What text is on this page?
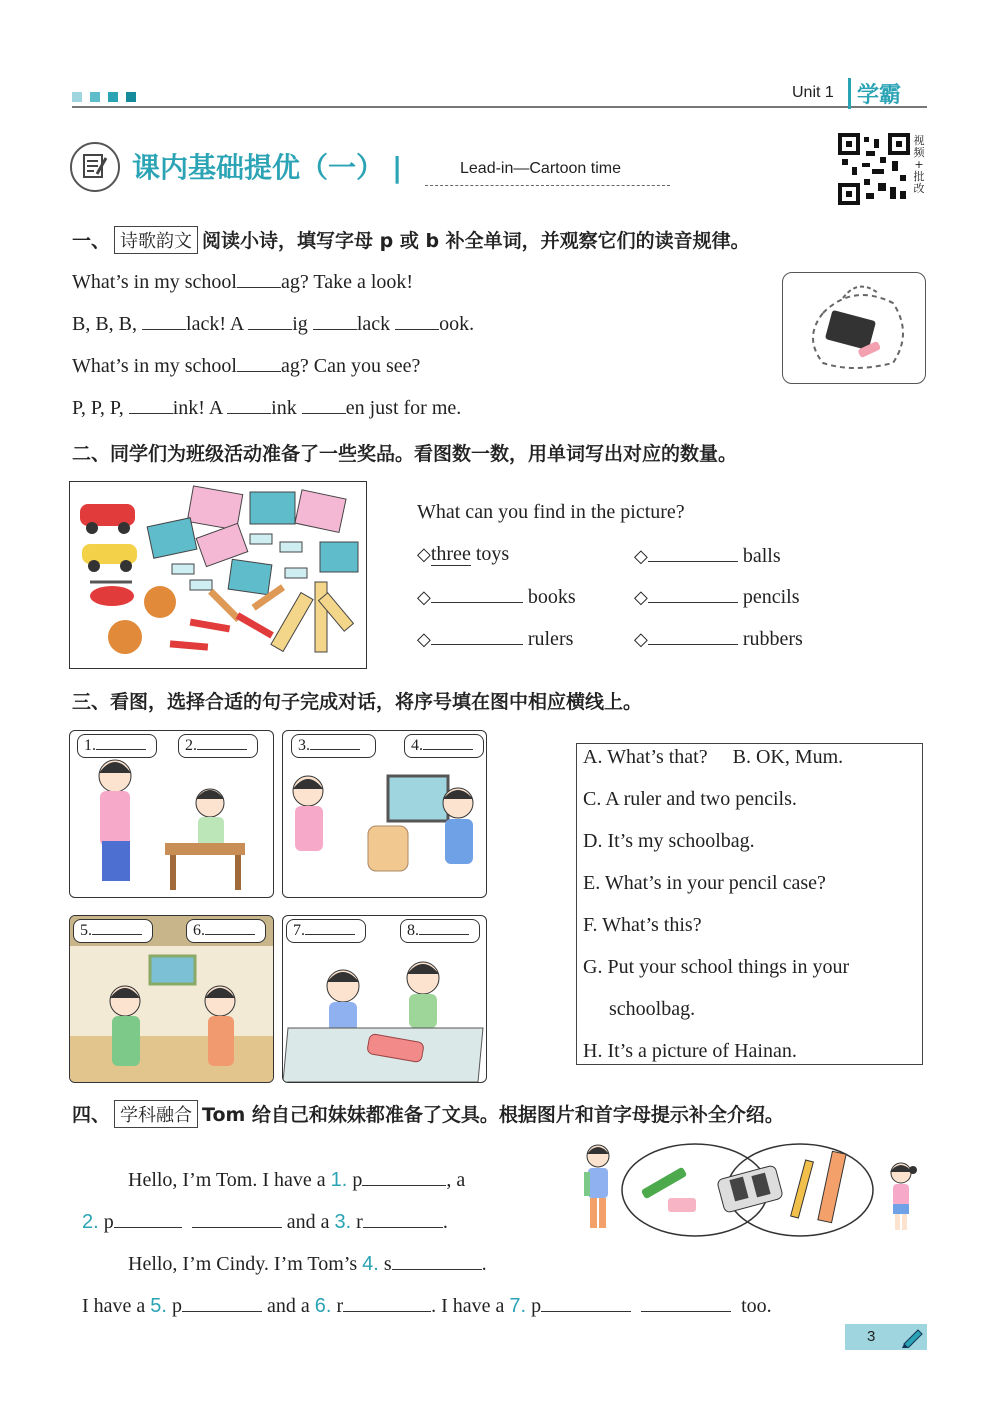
Unit 1	学霸
课内基础提优（一） |	Lead-in—Cartoon time
视
频
+
批
改
一、 诗歌韵文 阅读小诗，填写字母 p 或 b 补全单词，并观察它们的读音规律。
What’s in my school ag? Take a look!
B, B, B, lack! A ig lack ook.
What’s in my school ag? Can you see?
P, P, P, ink! A ink en just for me.
二、同学们为班级活动准备了一些奖品。看图数一数，用单词写出对应的数量。
What can you find in the picture?
◇three toys	◇	balls
◇	books	◇	pencils
◇	rulers	◇	rubbers
三、看图，选择合适的句子完成对话，将序号填在图中相应横线上。
1.	2.	3.	4.
5.	6.	7.	8.
A. What’s that?     B. OK, Mum.
C. A ruler and two pencils.
D. It’s my schoolbag.
E. What’s in your pencil case?
F. What’s this?
G. Put your school things in your
schoolbag.
H. It’s a picture of Hainan.
四、 学科融合 Tom 给自己和妹妹都准备了文具。根据图片和首字母提示补全介绍。

Hello, I’m Tom. I have a 1. p	, a

2. p	and a 3. r	.

Hello, I’m Cindy. I’m Tom’s 4. s	.

I have a 5. p	and a 6. r	. I have a 7. p	too.

3
